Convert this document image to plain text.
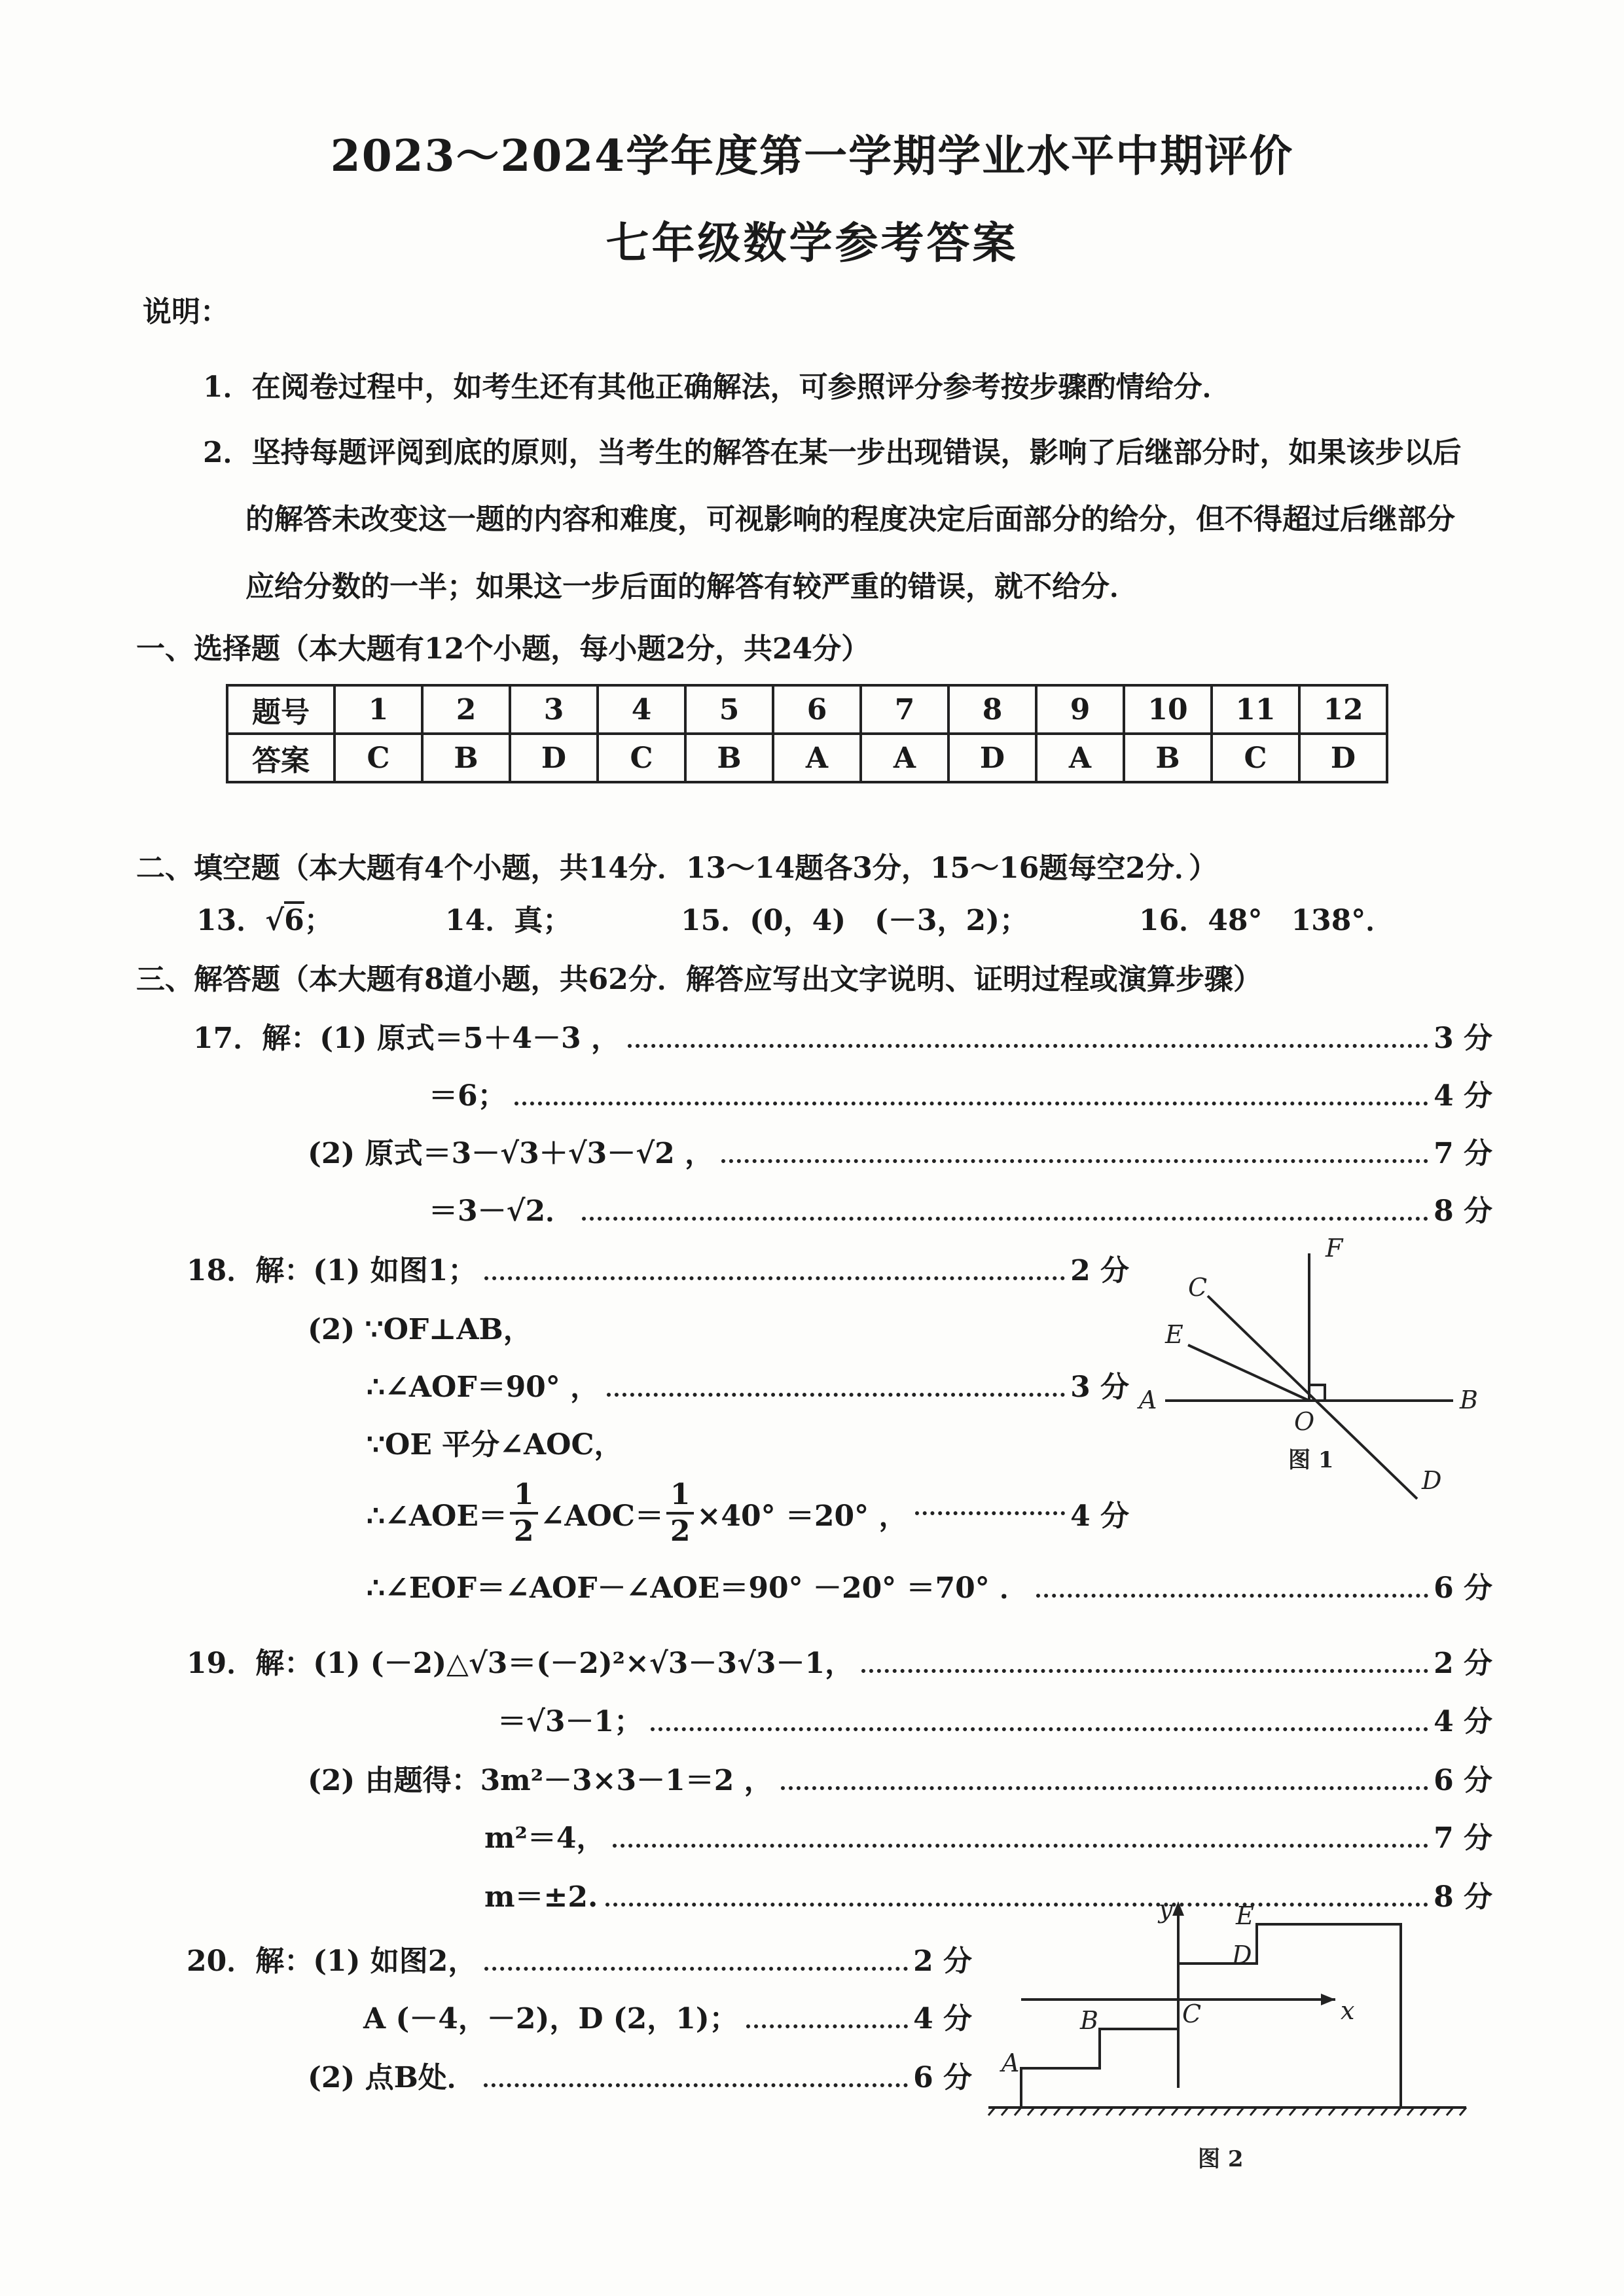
2023～2024学年度第一学期学业水平中期评价
七年级数学参考答案
说明：
1．在阅卷过程中，如考生还有其他正确解法，可参照评分参考按步骤酌情给分．
2．坚持每题评阅到底的原则，当考生的解答在某一步出现错误，影响了后继部分时，如果该步以后
的解答未改变这一题的内容和难度，可视影响的程度决定后面部分的给分，但不得超过后继部分
应给分数的一半；如果这一步后面的解答有较严重的错误，就不给分．
一、选择题（本大题有12个小题，每小题2分，共24分）
题号	1	2	3	4	5	6	7	8	9	10	11	12
答案	C	B	D	C	B	A	A	D	A	B	C	D
二、填空题（本大题有4个小题，共14分．13～14题各3分，15～16题每空2分．）
13．√6；	14．真；	15．(0，4)　(－3，2)；	16．48°　138°．
三、解答题（本大题有8道小题，共62分．解答应写出文字说明、证明过程或演算步骤）
17．解：(1) 原式＝5＋4－3 ，	3 分
＝6；	4 分
(2) 原式＝3－√3＋√3－√2 ，	7 分
＝3－√2．	8 分
18．解：(1) 如图1；	2 分
(2) ∵OF⊥AB，
∴∠AOF＝90° ，	3 分
∵OE 平分∠AOC，
∴∠AOE＝ $\frac{1}{2}$ ∠AOC＝ $\frac{1}{2} \times 40^\circ =20^\circ$ ，	4 分
∴∠EOF＝∠AOF－∠AOE＝90° －20° ＝70° ．	6 分
F
C
E
A	B
O
D
图 1
19．解：(1) (－2)△√3＝(－2)²×√3－3√3－1，	2 分
＝√3－1；	4 分
(2) 由题得：3m²－3×3－1＝2 ，	6 分
m²＝4，	7 分
m＝±2.	8 分
20．解：(1) 如图2，	2 分
A (－4，－2)，D (2，1)；	4 分
(2) 点B处．	6 分
y
x
C
A
B
D
E
图 2
